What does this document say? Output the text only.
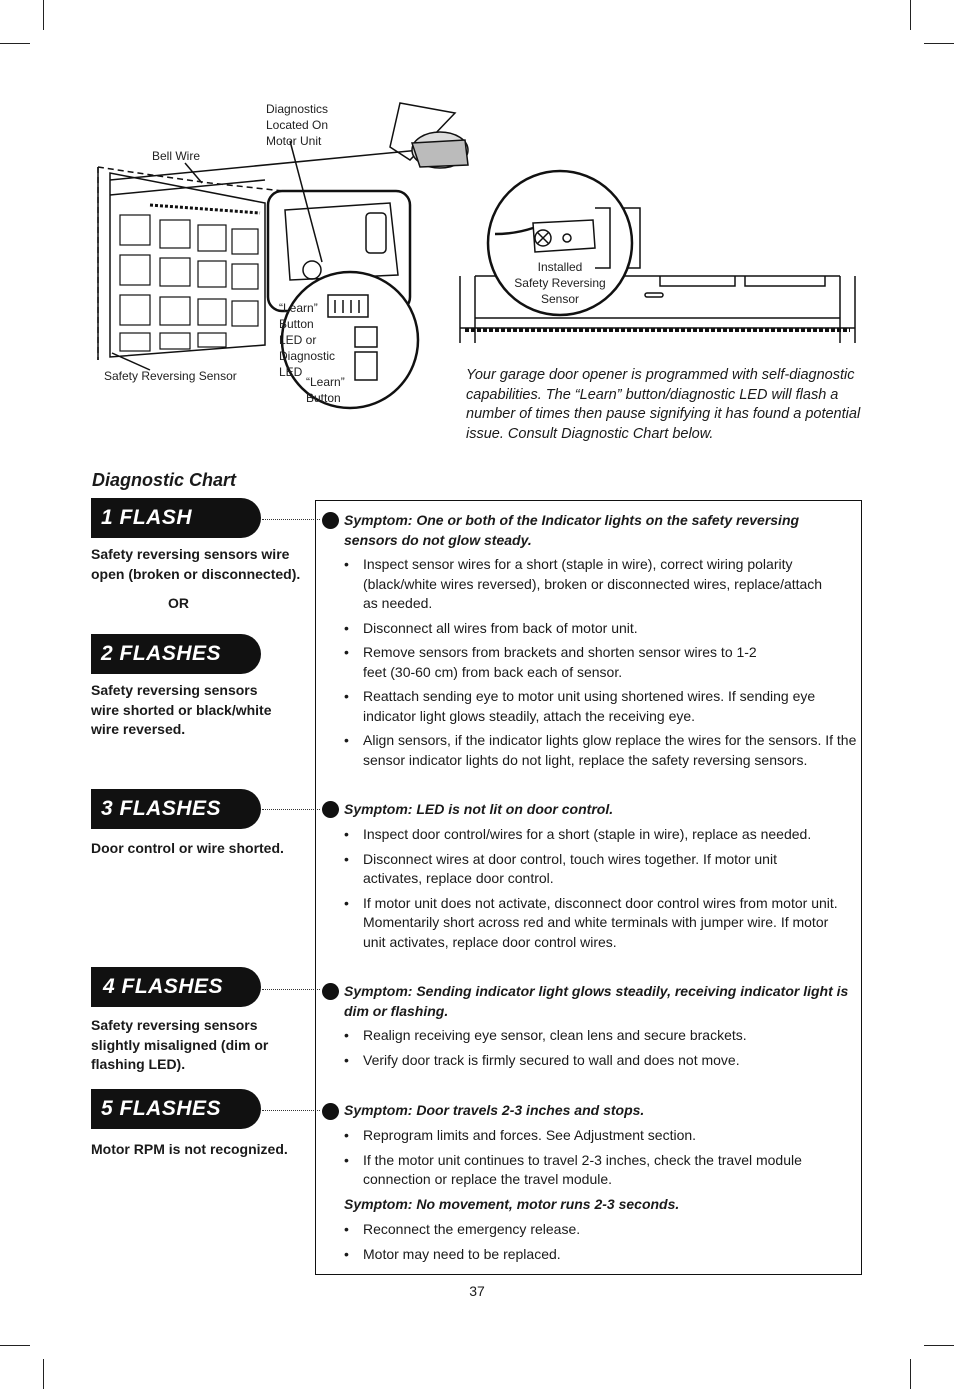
Diagnostics
Located On
Motor Unit
Bell Wire
“Learn”
Button
LED or
Diagnostic
LED
“Learn”
Button
Safety Reversing Sensor
Installed
Safety Reversing
Sensor
Your garage door opener is programmed with self-diagnostic capabilities. The “Learn” button/diagnostic LED will flash a number of times then pause signifying it has found a potential issue. Consult Diagnostic Chart below.
Diagnostic Chart
1 FLASH
Safety reversing sensors wire open (broken or disconnected).
OR
2 FLASHES
Safety reversing sensors wire shorted or black/white wire reversed.
3 FLASHES
Door control or wire shorted.
4 FLASHES
Safety reversing sensors slightly misaligned (dim or flashing LED).
5 FLASHES
Motor RPM is not recognized.
Symptom: One or both of the Indicator lights on the safety reversing sensors do not glow steady.
• Inspect sensor wires for a short (staple in wire), correct wiring polarity (black/white wires reversed), broken or disconnected wires, replace/attach as needed.
• Disconnect all wires from back of motor unit.
• Remove sensors from brackets and shorten sensor wires to 1-2 feet (30-60 cm) from back each of sensor.
• Reattach sending eye to motor unit using shortened wires. If sending eye indicator light glows steadily, attach the receiving eye.
• Align sensors, if the indicator lights glow replace the wires for the sensors. If the sensor indicator lights do not light, replace the safety reversing sensors.
Symptom: LED is not lit on door control.
• Inspect door control/wires for a short (staple in wire), replace as needed.
• Disconnect wires at door control, touch wires together. If motor unit activates, replace door control.
• If motor unit does not activate, disconnect door control wires from motor unit. Momentarily short across red and white terminals with jumper wire. If motor unit activates, replace door control wires.
Symptom: Sending indicator light glows steadily, receiving indicator light is dim or flashing.
• Realign receiving eye sensor, clean lens and secure brackets.
• Verify door track is firmly secured to wall and does not move.
Symptom: Door travels 2-3 inches and stops.
• Reprogram limits and forces. See Adjustment section.
• If the motor unit continues to travel 2-3 inches, check the travel module connection or replace the travel module.
Symptom: No movement, motor runs 2-3 seconds.
• Reconnect the emergency release.
• Motor may need to be replaced.
37
